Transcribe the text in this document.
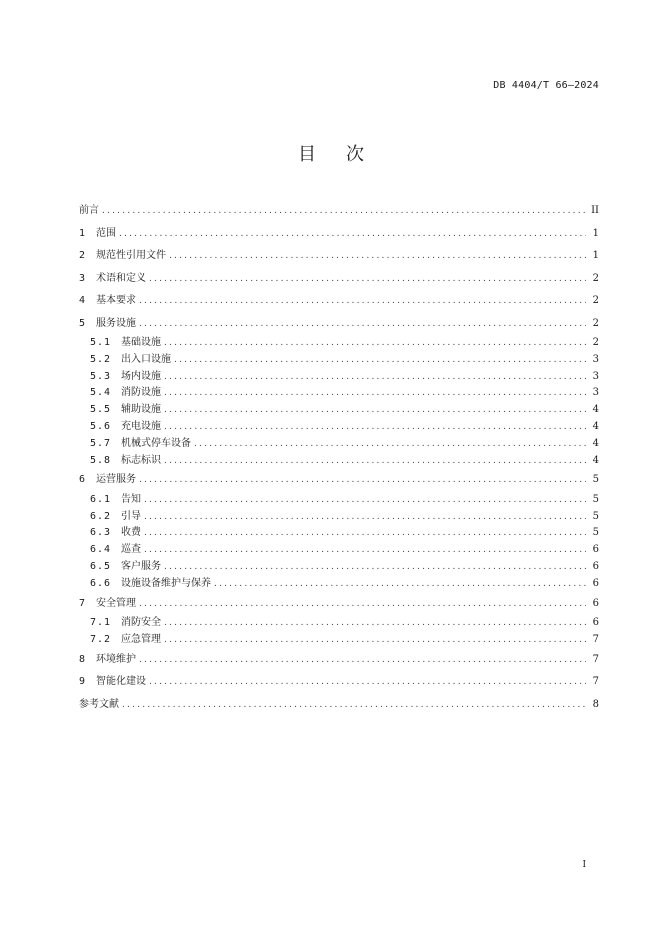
DB 4404/T 66—2024
目次
前言 .....	II
1	范围 .....	1
2	规范性引用文件 .....	1
3	术语和定义 .....	2
4	基本要求 .....	2
5	服务设施 .....	2
5.1 基础设施 .....	2
5.2 出入口设施 .....	3
5.3 场内设施 .....	3
5.4 消防设施 .....	3
5.5 辅助设施 .....	4
5.6 充电设施 .....	4
5.7 机械式停车设备 .....	4
5.8 标志标识 .....	4
6	运营服务 .....	5
6.1 告知 .....	5
6.2 引导 .....	5
6.3 收费 .....	5
6.4 巡查 .....	6
6.5 客户服务 .....	6
6.6 设施设备维护与保养 .....	6
7	安全管理 .....	6
7.1 消防安全 .....	6
7.2 应急管理 .....	7
8	环境维护 .....	7
9	智能化建设 .....	7
参考文献 .....	8
I
